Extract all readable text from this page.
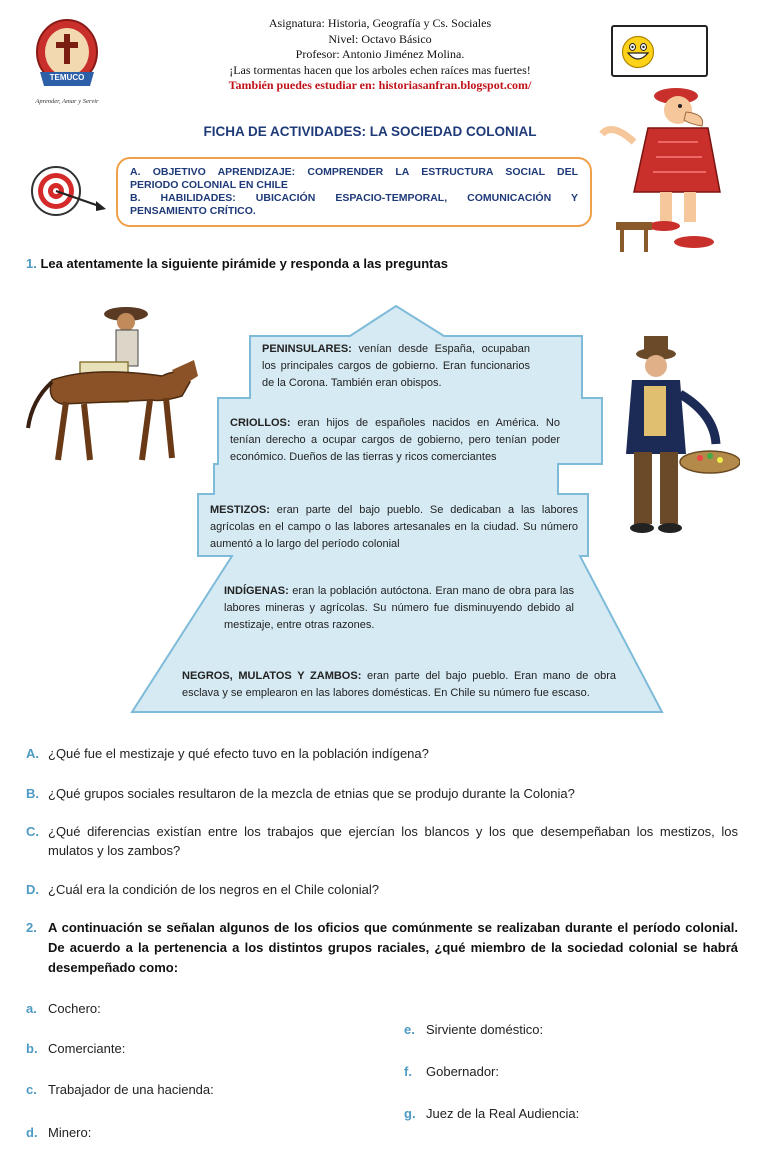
TEMUCO
Aprender, Amar y Servir
Asignatura: Historia, Geografía y Cs. Sociales
Nivel: Octavo Básico
Profesor: Antonio Jiménez Molina.
¡Las tormentas hacen que los arboles echen raíces mas fuertes!
También puedes estudiar en: historiasanfran.blogspot.com/
FICHA DE ACTIVIDADES: LA SOCIEDAD COLONIAL
A. OBJETIVO APRENDIZAJE: COMPRENDER LA ESTRUCTURA SOCIAL DEL
PERIODO COLONIAL EN CHILE
B. HABILIDADES: UBICACIÓN ESPACIO-TEMPORAL, COMUNICACIÓN Y
PENSAMIENTO CRÍTICO.
1. Lea atentamente la siguiente pirámide y responda a las preguntas
PENINSULARES: venían desde España, ocupaban los principales cargos de gobierno. Eran funcionarios de la Corona. También eran obispos.
CRIOLLOS: eran hijos de españoles nacidos en América. No tenían derecho a ocupar cargos de gobierno, pero tenían poder económico. Dueños de las tierras y ricos comerciantes
MESTIZOS: eran parte del bajo pueblo. Se dedicaban a las labores agrícolas en el campo o las labores artesanales en la ciudad. Su número aumentó a lo largo del período colonial
INDÍGENAS: eran la población autóctona. Eran mano de obra para las labores mineras y agrícolas. Su número fue disminuyendo debido al mestizaje, entre otras razones.
NEGROS, MULATOS Y ZAMBOS: eran parte del bajo pueblo. Eran mano de obra esclava y se emplearon en las labores domésticas. En Chile su número fue escaso.
A. ¿Qué fue el mestizaje y qué efecto tuvo en la población indígena?
B. ¿Qué grupos sociales resultaron de la mezcla de etnias que se produjo durante la Colonia?
C. ¿Qué diferencias existían entre los trabajos que ejercían los blancos y los que desempeñaban los mestizos, los mulatos y los zambos?
D. ¿Cuál era la condición de los negros en el Chile colonial?
2. A continuación se señalan algunos de los oficios que comúnmente se realizaban durante el período colonial. De acuerdo a la pertenencia a los distintos grupos raciales, ¿qué miembro de la sociedad colonial se habrá desempeñado como:
a. Cochero:
b. Comerciante:
c. Trabajador de una hacienda:
d. Minero:
e. Sirviente doméstico:
f. Gobernador:
g. Juez de la Real Audiencia:
